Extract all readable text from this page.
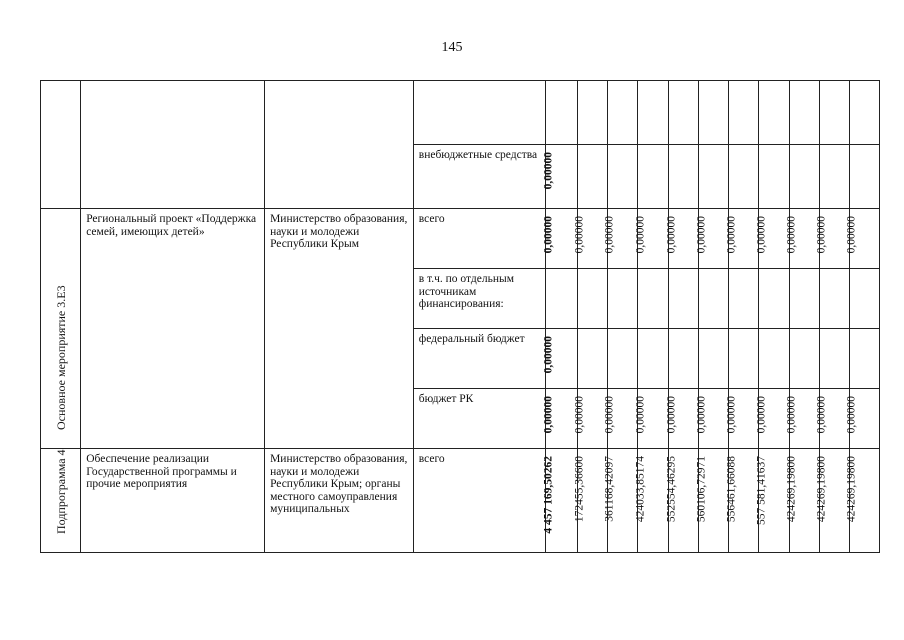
145

			внебюджетные средства	0,00000										

Основное мероприятие 3.Е3	Региональный проект «Поддержка семей, имеющих детей»	Министерство образования, науки и молодежи Республики Крым	всего	0,00000	0,00000	0,00000	0,00000	0,00000	0,00000	0,00000	0,00000	0,00000	0,00000	0,00000

			в т.ч. по отдельным источникам финансирования:											
			федеральный бюджет	0,00000										

			бюджет РК	0,00000	0,00000	0,00000	0,00000	0,00000	0,00000	0,00000	0,00000	0,00000	0,00000	0,00000

Подпрограмма 4	Обеспечение реализации Государственной программы и прочие мероприятия	Министерство образования, науки и молодежи Республики Крым; органы местного самоуправления муниципальных	всего	4 457 169,50262	172455,36600	361168,42097	424033,85174	552554,46295	560106,72971	556461,66088	557 581,41637	424269,19800	424269,19800	424269,19800
